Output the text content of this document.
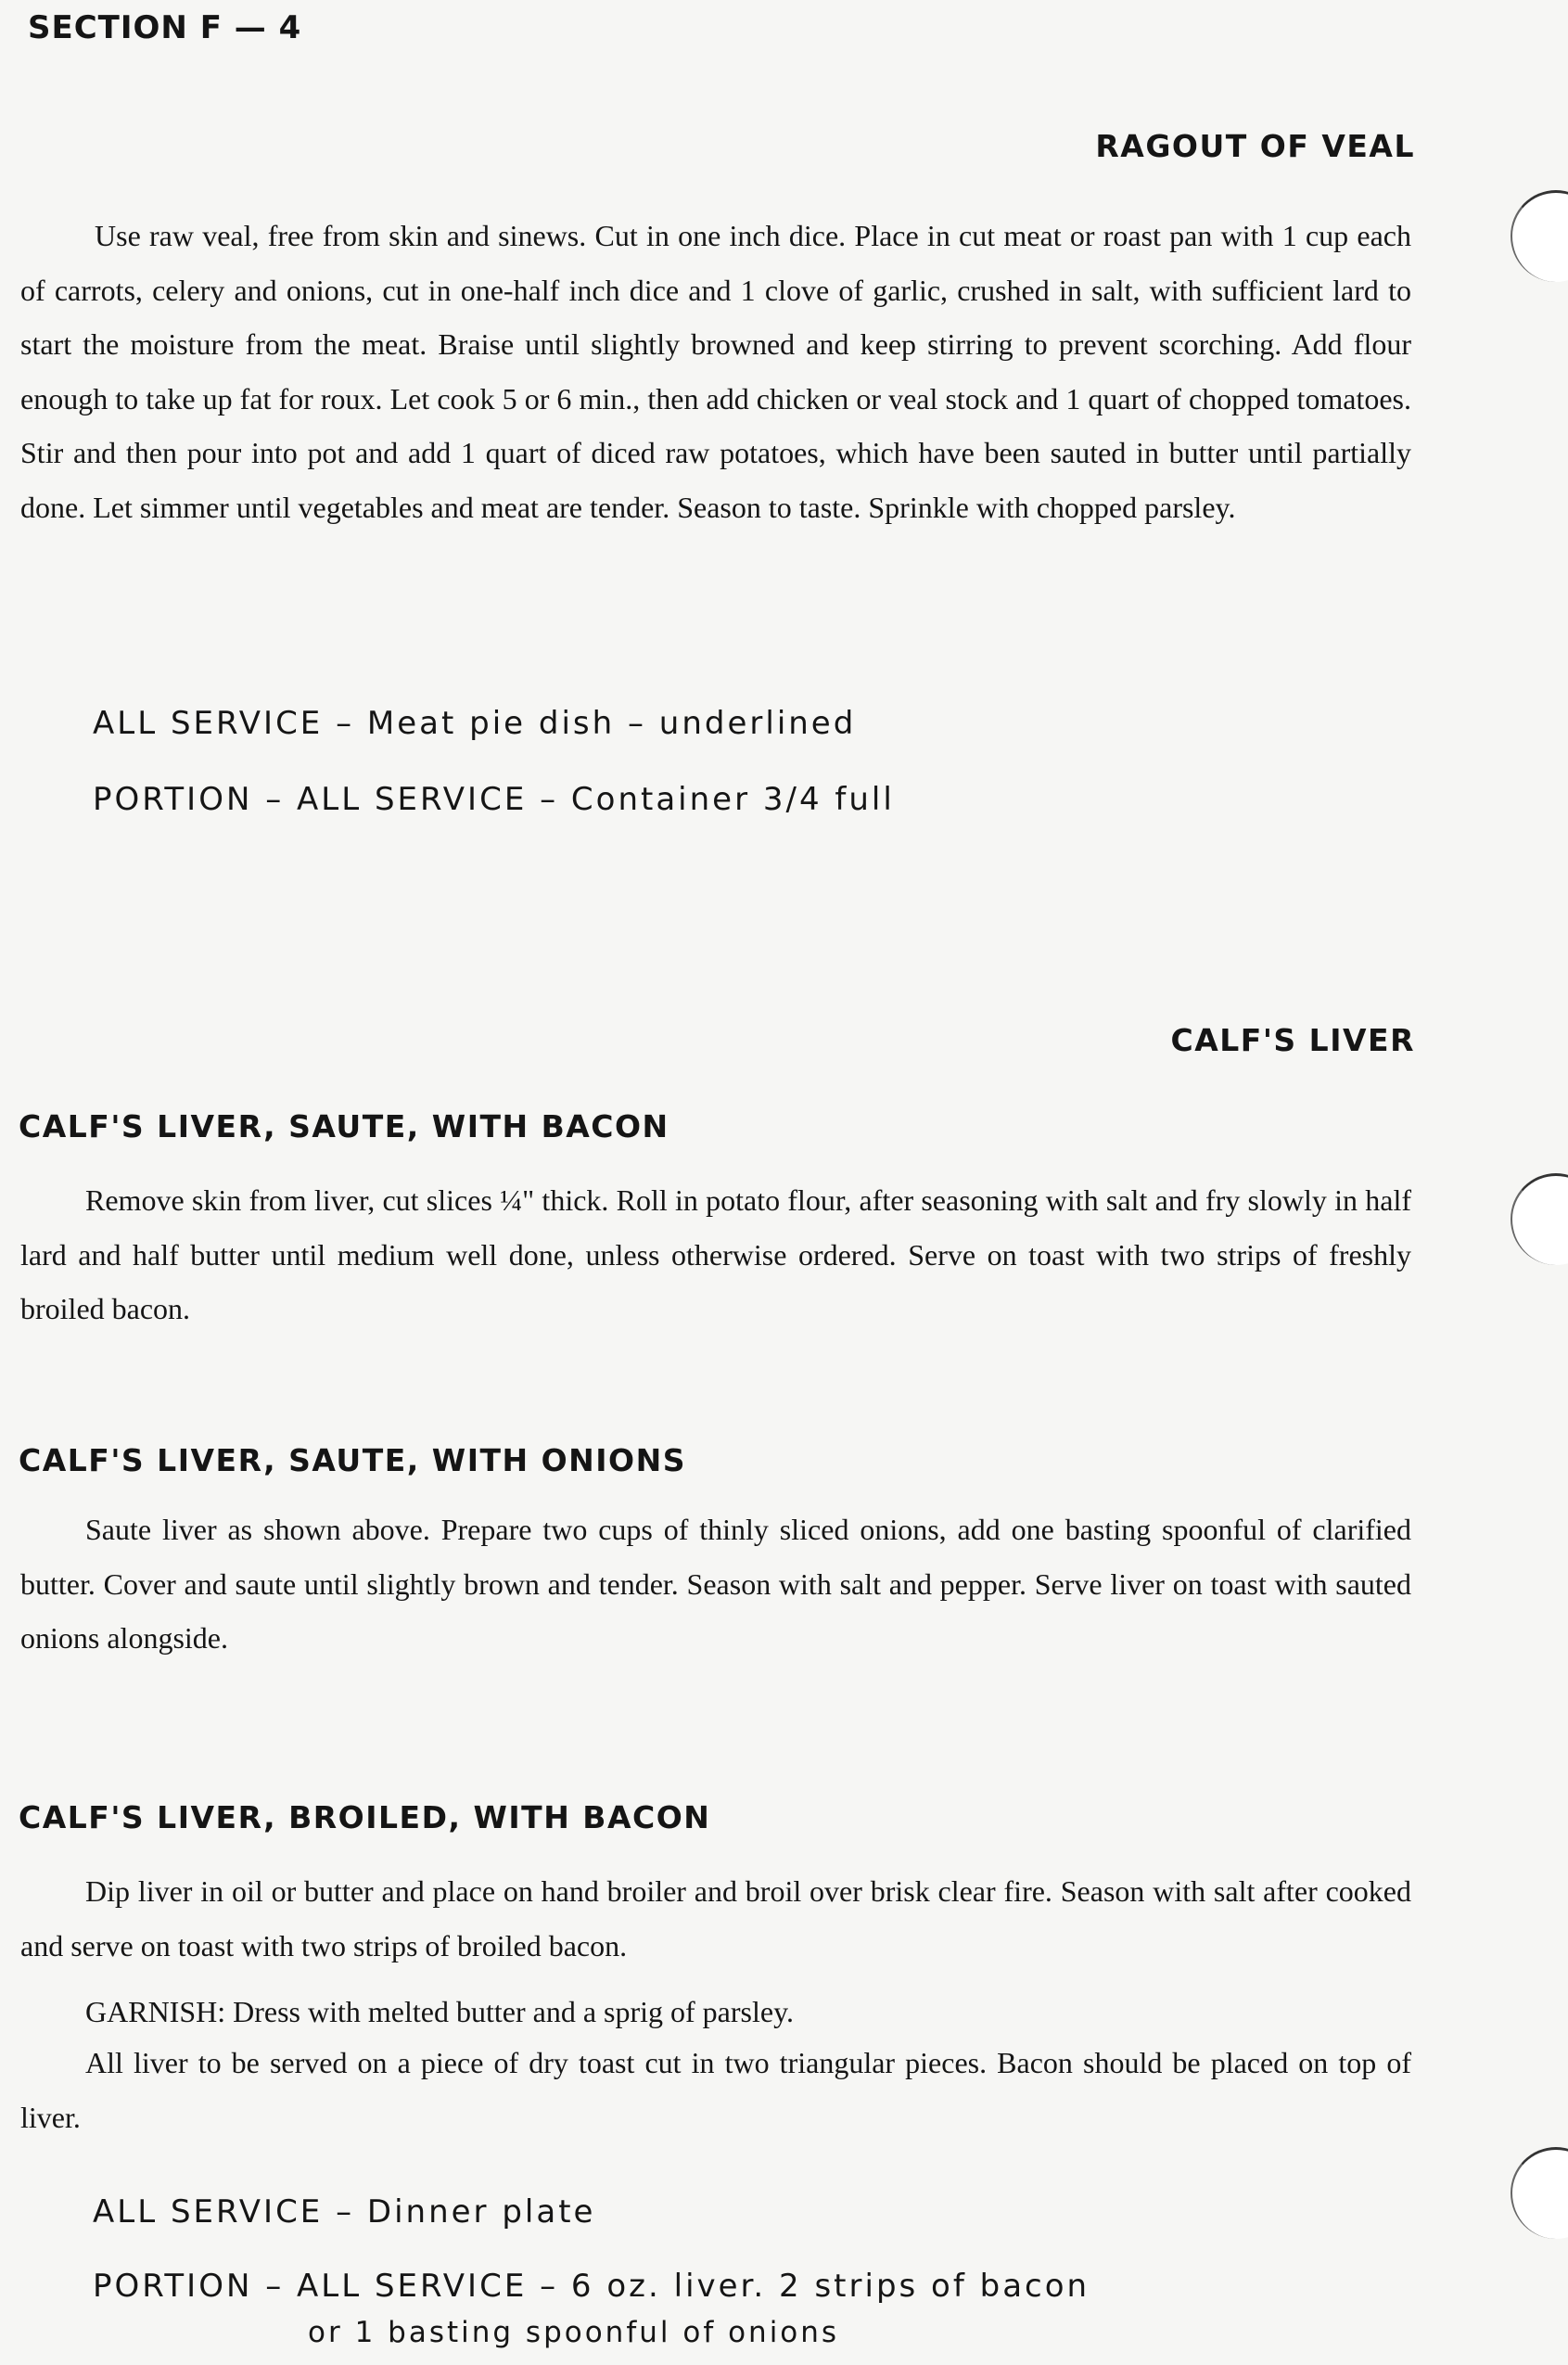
SECTION F — 4
RAGOUT OF VEAL

Use raw veal, free from skin and sinews. Cut in one inch dice. Place in cut meat or roast pan with 1 cup each of carrots, celery and onions, cut in one-half inch dice and 1 clove of garlic, crushed in salt, with sufficient lard to start the moisture from the meat. Braise until slightly browned and keep stirring to prevent scorching. Add flour enough to take up fat for roux. Let cook 5 or 6 min., then add chicken or veal stock and 1 quart of chopped tomatoes. Stir and then pour into pot and add 1 quart of diced raw potatoes, which have been sauted in butter until partially done. Let simmer until vegetables and meat are tender. Season to taste. Sprinkle with chopped parsley.

ALL SERVICE – Meat pie dish – underlined
PORTION – ALL SERVICE – Container 3/4 full
CALF'S LIVER
CALF'S LIVER, SAUTE, WITH BACON

Remove skin from liver, cut slices ¼" thick. Roll in potato flour, after seasoning with salt and fry slowly in half lard and half butter until medium well done, unless otherwise ordered. Serve on toast with two strips of freshly broiled bacon.

CALF'S LIVER, SAUTE, WITH ONIONS

Saute liver as shown above. Prepare two cups of thinly sliced onions, add one basting spoonful of clarified butter. Cover and saute until slightly brown and tender. Season with salt and pepper. Serve liver on toast with sauted onions alongside.

CALF'S LIVER, BROILED, WITH BACON

Dip liver in oil or butter and place on hand broiler and broil over brisk clear fire. Season with salt after cooked and serve on toast with two strips of broiled bacon.

GARNISH: Dress with melted butter and a sprig of parsley.

All liver to be served on a piece of dry toast cut in two triangular pieces. Bacon should be placed on top of liver.

ALL SERVICE – Dinner plate
PORTION – ALL SERVICE – 6 oz. liver. 2 strips of bacon
or 1 basting spoonful of onions
